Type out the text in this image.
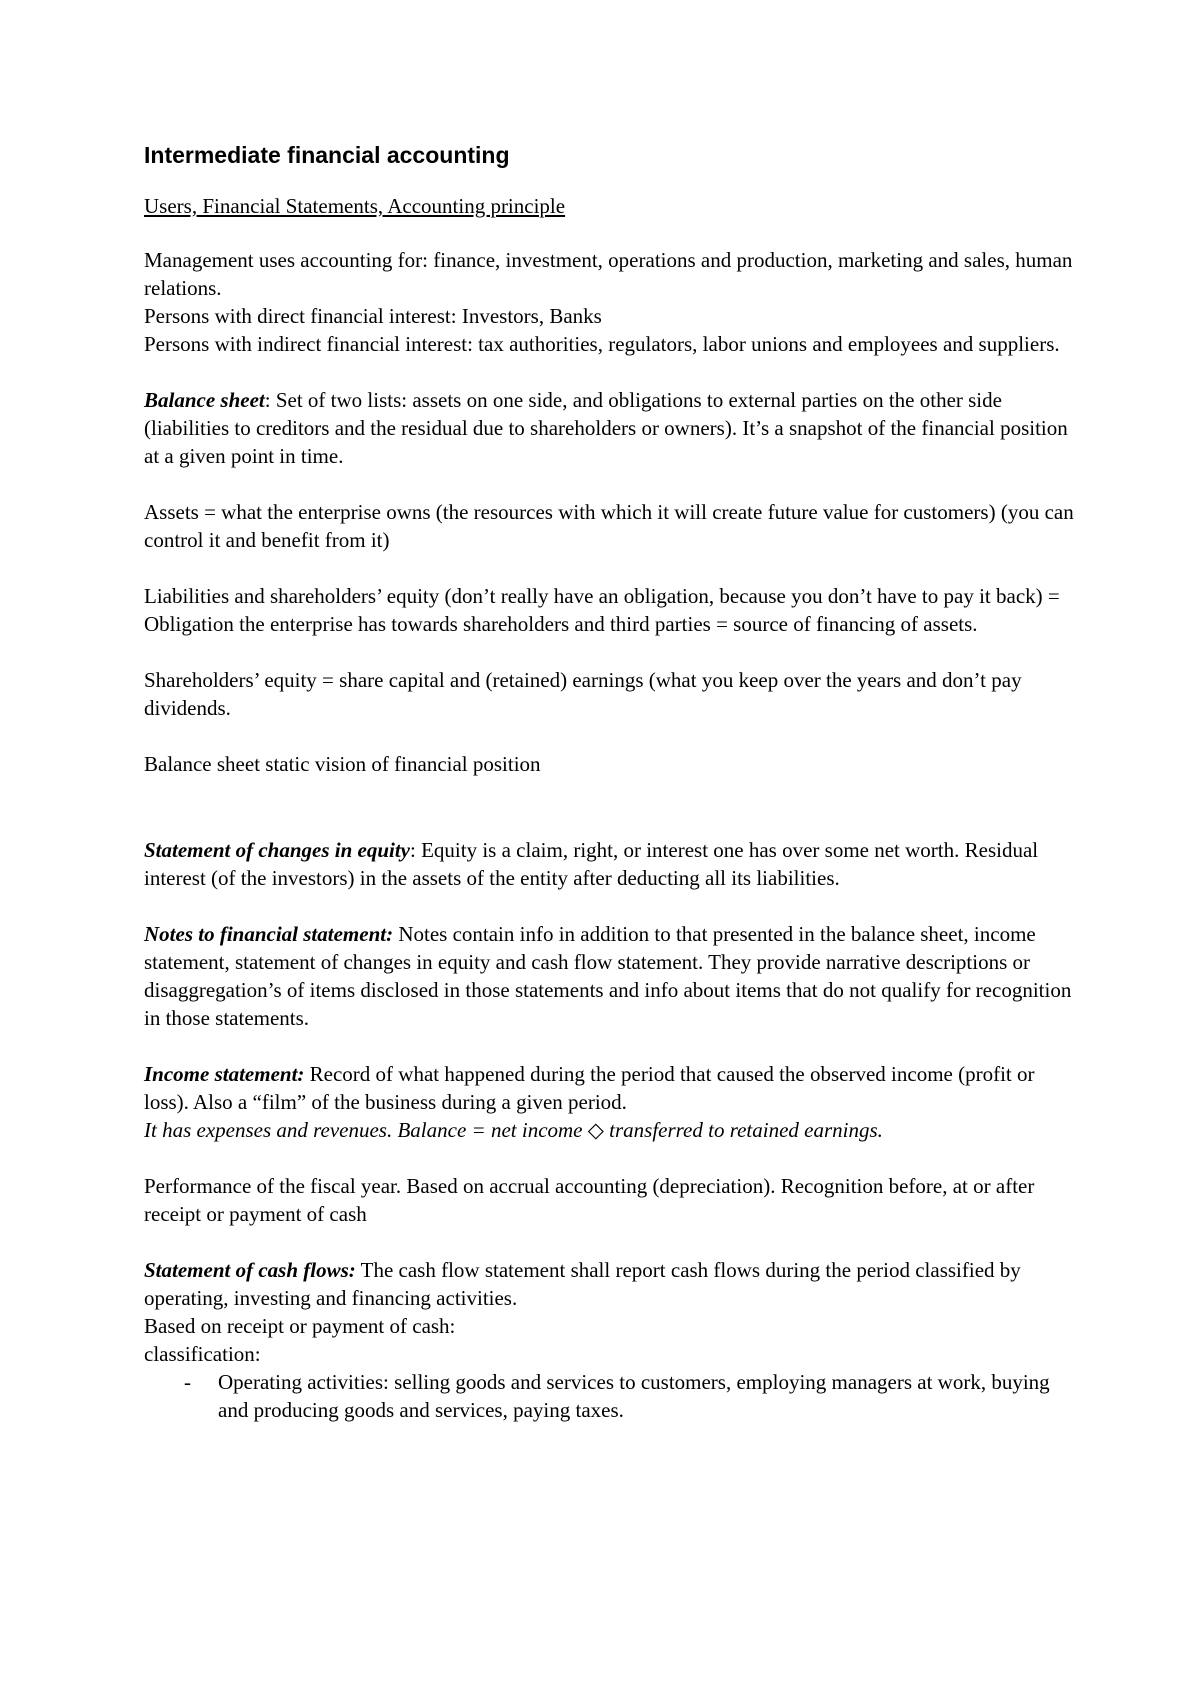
Intermediate financial accounting
Users, Financial Statements, Accounting principle

Management uses accounting for: finance, investment, operations and production, marketing and sales, human relations.

Persons with direct financial interest: Investors, Banks

Persons with indirect financial interest: tax authorities, regulators, labor unions and employees and suppliers.

Balance sheet: Set of two lists: assets on one side, and obligations to external parties on the other side (liabilities to creditors and the residual due to shareholders or owners). It’s a snapshot of the financial position at a given point in time.

Assets = what the enterprise owns (the resources with which it will create future value for customers) (you can control it and benefit from it)

Liabilities and shareholders’ equity (don’t really have an obligation, because you don’t have to pay it back) = Obligation the enterprise has towards shareholders and third parties = source of financing of assets.

Shareholders’ equity = share capital and (retained) earnings (what you keep over the years and don’t pay dividends.

Balance sheet static vision of financial position

Statement of changes in equity: Equity is a claim, right, or interest one has over some net worth. Residual interest (of the investors) in the assets of the entity after deducting all its liabilities.

Notes to financial statement: Notes contain info in addition to that presented in the balance sheet, income statement, statement of changes in equity and cash flow statement. They provide narrative descriptions or disaggregation’s of items disclosed in those statements and info about items that do not qualify for recognition in those statements.

Income statement: Record of what happened during the period that caused the observed income (profit or loss). Also a “film” of the business during a given period.

It has expenses and revenues. Balance = net income ◇ transferred to retained earnings.

Performance of the fiscal year. Based on accrual accounting (depreciation). Recognition before, at or after receipt or payment of cash

Statement of cash flows: The cash flow statement shall report cash flows during the period classified by operating, investing and financing activities.

Based on receipt or payment of cash:

classification:

- Operating activities: selling goods and services to customers, employing managers at work, buying and producing goods and services, paying taxes.
